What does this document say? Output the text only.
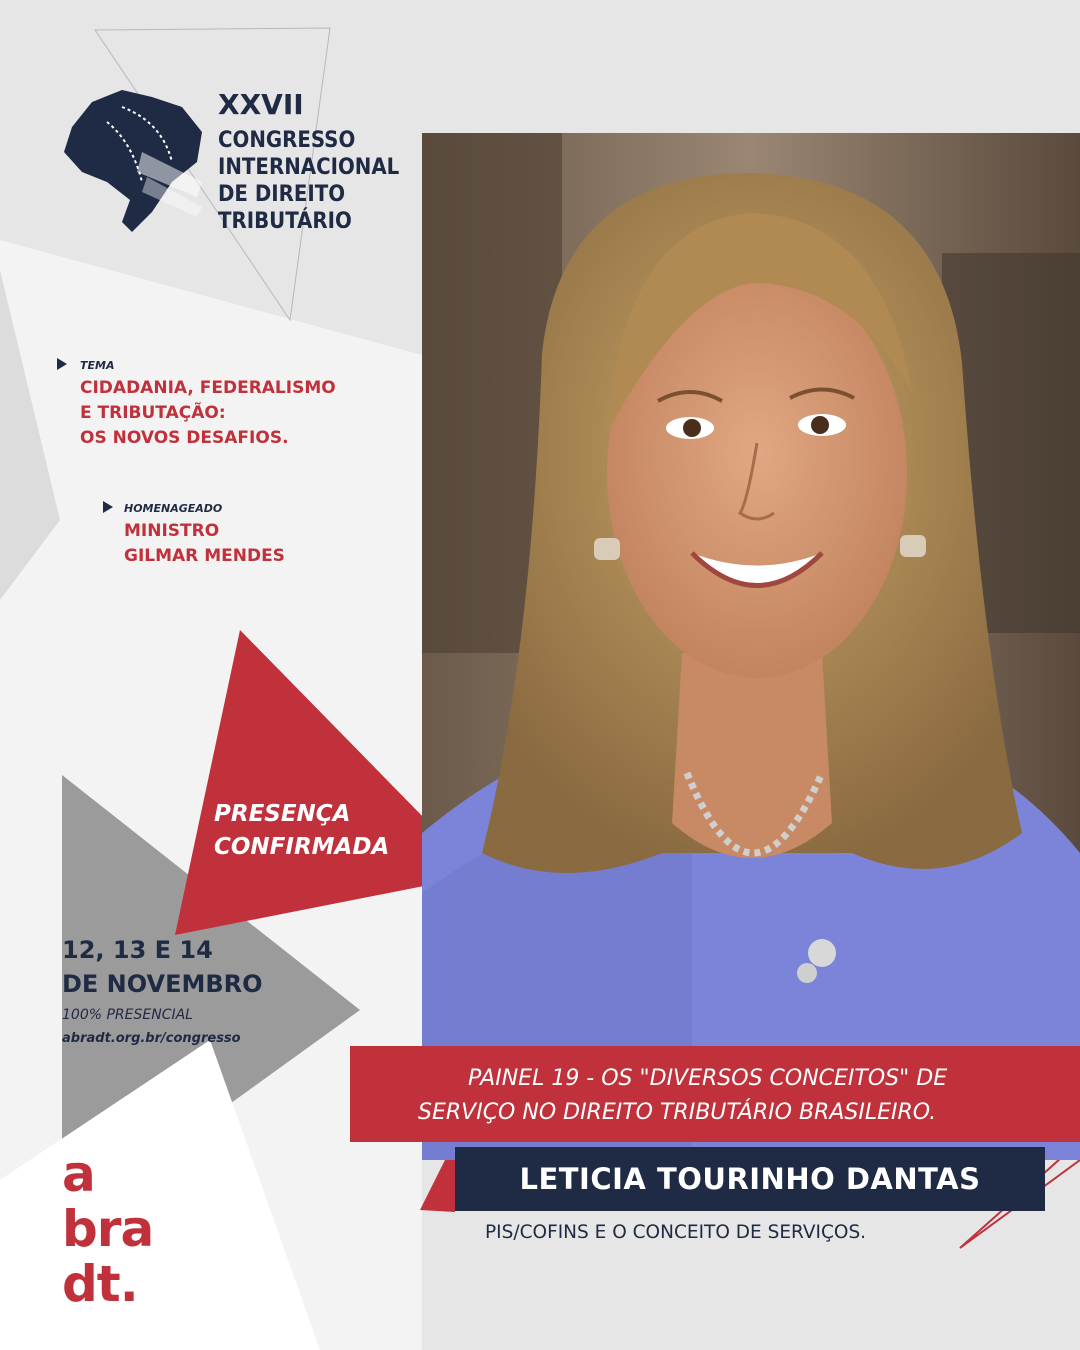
XXVII
CONGRESSO
INTERNACIONAL
DE DIREITO
TRIBUTÁRIO
TEMA
CIDADANIA, FEDERALISMO
E TRIBUTAÇÃO:
OS NOVOS DESAFIOS.
HOMENAGEADO
MINISTRO
GILMAR MENDES
PRESENÇA
CONFIRMADA
12, 13 E 14
DE NOVEMBRO
100% PRESENCIAL
abradt.org.br/congresso
PAINEL 19 - OS "DIVERSOS CONCEITOS" DE
SERVIÇO NO DIREITO TRIBUTÁRIO BRASILEIRO.
LETICIA TOURINHO DANTAS
PIS/COFINS E O CONCEITO DE SERVIÇOS.
a
bra
dt.
